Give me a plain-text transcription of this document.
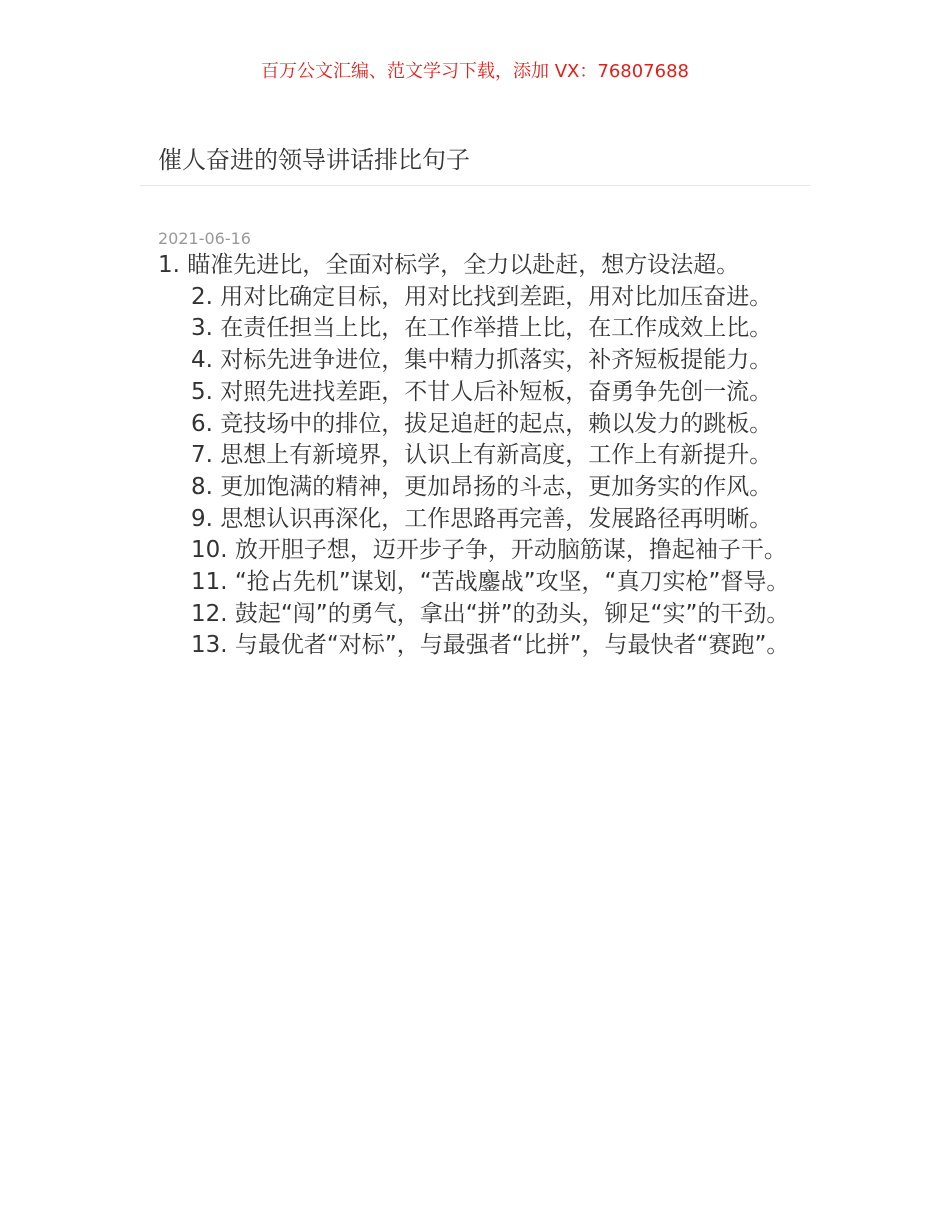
百万公文汇编、范文学习下载，添加 VX：76807688
催人奋进的领导讲话排比句子
2021-06-16

1. 瞄准先进比，全面对标学，全力以赴赶，想方设法超。

2. 用对比确定目标，用对比找到差距，用对比加压奋进。

3. 在责任担当上比，在工作举措上比，在工作成效上比。

4. 对标先进争进位，集中精力抓落实，补齐短板提能力。

5. 对照先进找差距，不甘人后补短板，奋勇争先创一流。

6. 竞技场中的排位，拔足追赶的起点，赖以发力的跳板。

7. 思想上有新境界，认识上有新高度，工作上有新提升。

8. 更加饱满的精神，更加昂扬的斗志，更加务实的作风。

9. 思想认识再深化，工作思路再完善，发展路径再明晰。

10. 放开胆子想，迈开步子争，开动脑筋谋，撸起袖子干。

11. “抢占先机”谋划，“苦战鏖战”攻坚，“真刀实枪”督导。

12. 鼓起“闯”的勇气，拿出“拼”的劲头，铆足“实”的干劲。

13. 与最优者“对标”，与最强者“比拼”，与最快者“赛跑”。
